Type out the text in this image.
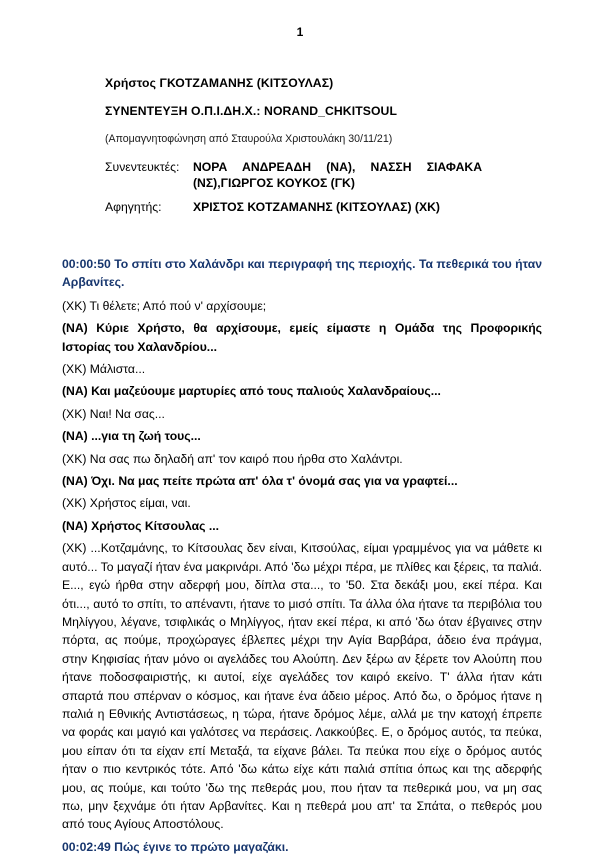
1
Χρήστος ΓΚΟΤΖΑΜΑΝΗΣ (ΚΙΤΣΟΥΛΑΣ)
ΣΥΝΕΝΤΕΥΞΗ Ο.Π.Ι.ΔΗ.Χ.: NORAND_CHKITSOUL
(Απομαγνητοφώνηση από Σταυρούλα Χριστουλάκη 30/11/21)
Συνεντευκτές:	ΝΟΡΑ ΑΝΔΡΕΑΔΗ (ΝΑ), ΝΑΣΣΗ ΣΙΑΦΑΚΑ
(ΝΣ),ΓΙΩΡΓΟΣ ΚΟΥΚΟΣ (ΓΚ)
Αφηγητής:	ΧΡΙΣΤΟΣ ΚΟΤΖΑΜΑΝΗΣ (ΚΙΤΣΟΥΛΑΣ) (ΧΚ)

00:00:50 Το σπίτι στο Χαλάνδρι και περιγραφή της περιοχής. Τα πεθερικά του ήταν Αρβανίτες.

(ΧΚ) Τι θέλετε; Από πού ν' αρχίσουμε;

(ΝΑ) Κύριε Χρήστο, θα αρχίσουμε, εμείς είμαστε η Ομάδα της Προφορικής Ιστορίας του Χαλανδρίου...

(ΧΚ) Μάλιστα...

(ΝΑ) Και μαζεύουμε μαρτυρίες από τους παλιούς Χαλανδραίους...

(ΧΚ) Ναι! Να σας...

(ΝΑ) ...για τη ζωή τους...

(ΧΚ) Να σας πω δηλαδή απ' τον καιρό που ήρθα στο Χαλάντρι.

(ΝΑ) Όχι. Να μας πείτε πρώτα απ' όλα τ' όνομά σας για να γραφτεί...

(ΧΚ) Χρήστος είμαι, ναι.

(ΝΑ) Χρήστος Κίτσουλας ...

(ΧΚ) ...Κοτζαμάνης, το Κίτσουλας δεν είναι, Κιτσούλας, είμαι γραμμένος για να μάθετε κι αυτό... Το μαγαζί ήταν ένα μακρινάρι. Από 'δω μέχρι πέρα, με πλίθες και ξέρεις, τα παλιά. Ε..., εγώ ήρθα στην αδερφή μου, δίπλα στα..., το '50. Στα δεκάξι μου, εκεί πέρα. Και ότι..., αυτό το σπίτι, το απέναντι, ήτανε το μισό σπίτι. Τα άλλα όλα ήτανε τα περιβόλια του Μηλίγγου, λέγανε, τσιφλικάς ο Μηλίγγος, ήταν εκεί πέρα, κι από 'δω όταν έβγαινες στην πόρτα, ας πούμε, προχώραγες έβλεπες μέχρι την Αγία Βαρβάρα, άδειο ένα πράγμα, στην Κηφισίας ήταν μόνο οι αγελάδες του Αλούπη. Δεν ξέρω αν ξέρετε τον Αλούπη που ήτανε ποδοσφαιριστής, κι αυτοί, είχε αγελάδες τον καιρό εκείνο. Τ' άλλα ήταν κάτι σπαρτά που σπέρναν ο κόσμος, και ήτανε ένα άδειο μέρος. Από δω, ο δρόμος ήτανε η παλιά η Εθνικής Αντιστάσεως, η τώρα, ήτανε δρόμος λέμε, αλλά με την κατοχή έπρεπε να φοράς και μαγιό και γαλότσες να περάσεις. Λακκούβες. Ε, ο δρόμος αυτός, τα πεύκα, μου είπαν ότι τα είχαν επί Μεταξά, τα είχανε βάλει. Τα πεύκα που είχε ο δρόμος αυτός ήταν ο πιο κεντρικός τότε. Από 'δω κάτω είχε κάτι παλιά σπίτια όπως και της αδερφής μου, ας πούμε, και τούτο 'δω της πεθεράς μου, που ήταν τα πεθερικά μου, να μη σας πω, μην ξεχνάμε ότι ήταν Αρβανίτες. Και η πεθερά μου απ' τα Σπάτα, ο πεθερός μου από τους Αγίους Αποστόλους.

00:02:49 Πώς έγινε το πρώτο μαγαζάκι.
